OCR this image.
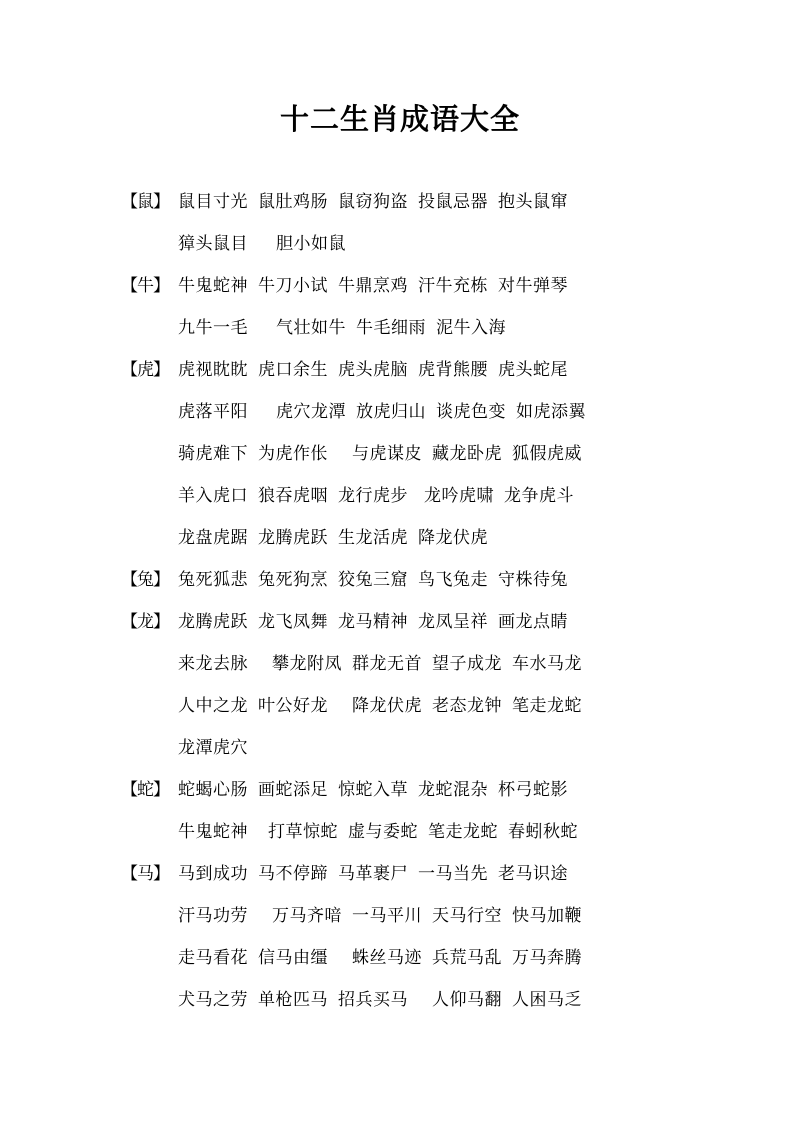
十二生肖成语大全
【鼠】 鼠目寸光 鼠肚鸡肠 鼠窃狗盗 投鼠忌器 抱头鼠窜
獐头鼠目 胆小如鼠
【牛】 牛鬼蛇神 牛刀小试 牛鼎烹鸡 汗牛充栋 对牛弹琴
九牛一毛 气壮如牛 牛毛细雨 泥牛入海
【虎】 虎视眈眈 虎口余生 虎头虎脑 虎背熊腰 虎头蛇尾
虎落平阳 虎穴龙潭 放虎归山 谈虎色变 如虎添翼
骑虎难下 为虎作伥 与虎谋皮 藏龙卧虎 狐假虎威
羊入虎口 狼吞虎咽 龙行虎步 龙吟虎啸 龙争虎斗
龙盘虎踞 龙腾虎跃 生龙活虎 降龙伏虎
【兔】 兔死狐悲 兔死狗烹 狡兔三窟 鸟飞兔走 守株待兔
【龙】 龙腾虎跃 龙飞凤舞 龙马精神 龙凤呈祥 画龙点睛
来龙去脉 攀龙附凤 群龙无首 望子成龙 车水马龙
人中之龙 叶公好龙 降龙伏虎 老态龙钟 笔走龙蛇
龙潭虎穴
【蛇】 蛇蝎心肠 画蛇添足 惊蛇入草 龙蛇混杂 杯弓蛇影
牛鬼蛇神 打草惊蛇 虚与委蛇 笔走龙蛇 春蚓秋蛇
【马】 马到成功 马不停蹄 马革裹尸 一马当先 老马识途
汗马功劳 万马齐喑 一马平川 天马行空 快马加鞭
走马看花 信马由缰 蛛丝马迹 兵荒马乱 万马奔腾
犬马之劳 单枪匹马 招兵买马 人仰马翻 人困马乏
